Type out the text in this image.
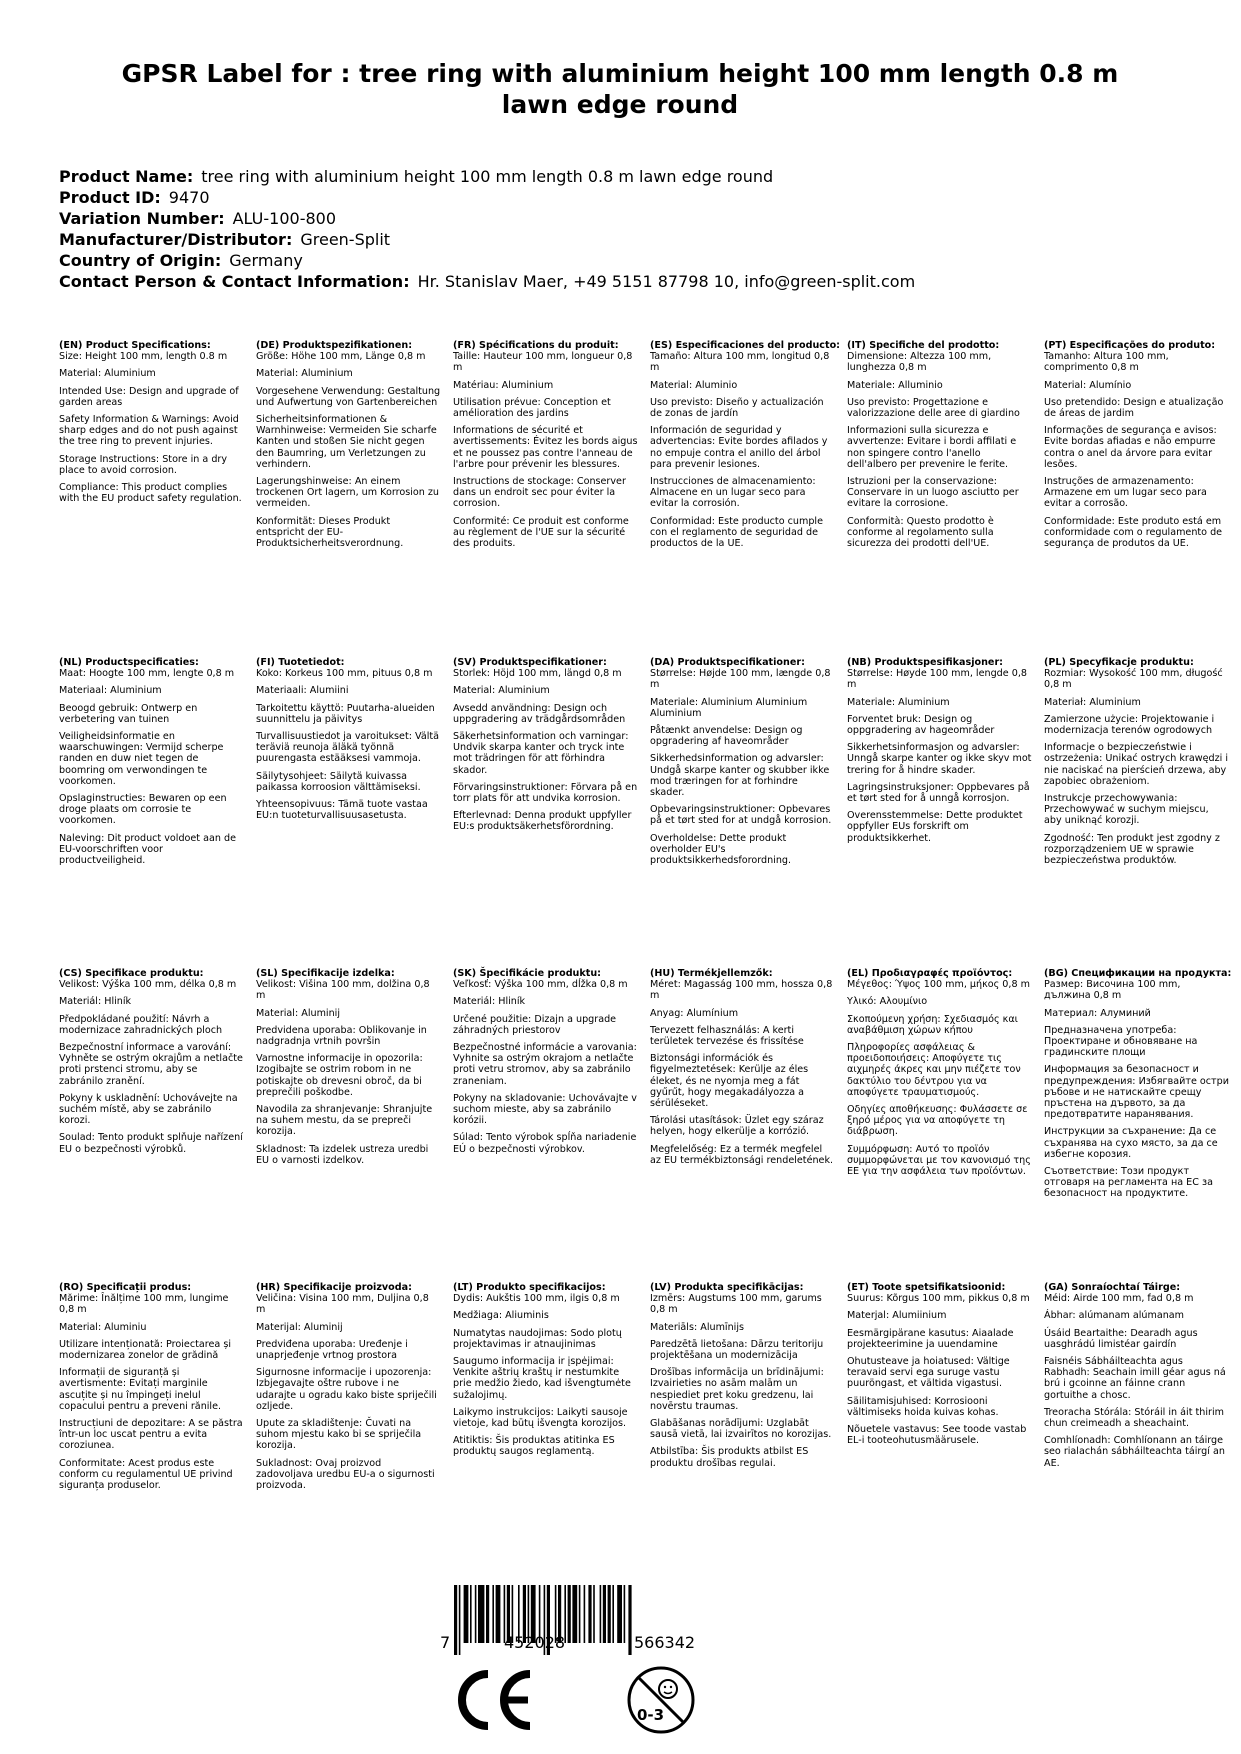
GPSR Label for : tree ring with aluminium height 100 mm length 0.8 m lawn edge round
Product Name: tree ring with aluminium height 100 mm length 0.8 m lawn edge round
Product ID: 9470
Variation Number: ALU-100-800
Manufacturer/Distributor: Green-Split
Country of Origin: Germany
Contact Person & Contact Information: Hr. Stanislav Maer, +49 5151 87798 10, info@green-split.com
(EN) Product Specifications:

Size: Height 100 mm, length 0.8 m

Material: Aluminium

Intended Use: Design and upgrade of garden areas

Safety Information & Warnings: Avoid sharp edges and do not push against the tree ring to prevent injuries.

Storage Instructions: Store in a dry place to avoid corrosion.

Compliance: This product complies with the EU product safety regulation.

(DE) Produktspezifikationen:

Größe: Höhe 100 mm, Länge 0,8 m

Material: Aluminium

Vorgesehene Verwendung: Gestaltung und Aufwertung von Gartenbereichen

Sicherheitsinformationen & Warnhinweise: Vermeiden Sie scharfe Kanten und stoßen Sie nicht gegen den Baumring, um Verletzungen zu verhindern.

Lagerungshinweise: An einem trockenen Ort lagern, um Korrosion zu vermeiden.

Konformität: Dieses Produkt entspricht der EU-Produktsicherheitsverordnung.

(FR) Spécifications du produit:

Taille: Hauteur 100 mm, longueur 0,8 m

Matériau: Aluminium

Utilisation prévue: Conception et amélioration des jardins

Informations de sécurité et avertissements: Évitez les bords aigus et ne poussez pas contre l'anneau de l'arbre pour prévenir les blessures.

Instructions de stockage: Conserver dans un endroit sec pour éviter la corrosion.

Conformité: Ce produit est conforme au règlement de l'UE sur la sécurité des produits.

(ES) Especificaciones del producto:

Tamaño: Altura 100 mm, longitud 0,8 m

Material: Aluminio

Uso previsto: Diseño y actualización de zonas de jardín

Información de seguridad y advertencias: Evite bordes afilados y no empuje contra el anillo del árbol para prevenir lesiones.

Instrucciones de almacenamiento: Almacene en un lugar seco para evitar la corrosión.

Conformidad: Este producto cumple con el reglamento de seguridad de productos de la UE.

(IT) Specifiche del prodotto:

Dimensione: Altezza 100 mm, lunghezza 0,8 m

Materiale: Alluminio

Uso previsto: Progettazione e valorizzazione delle aree di giardino

Informazioni sulla sicurezza e avvertenze: Evitare i bordi affilati e non spingere contro l'anello dell'albero per prevenire le ferite.

Istruzioni per la conservazione: Conservare in un luogo asciutto per evitare la corrosione.

Conformità: Questo prodotto è conforme al regolamento sulla sicurezza dei prodotti dell'UE.

(PT) Especificações do produto:

Tamanho: Altura 100 mm, comprimento 0,8 m

Material: Alumínio

Uso pretendido: Design e atualização de áreas de jardim

Informações de segurança e avisos: Evite bordas afiadas e não empurre contra o anel da árvore para evitar lesões.

Instruções de armazenamento: Armazene em um lugar seco para evitar a corrosão.

Conformidade: Este produto está em conformidade com o regulamento de segurança de produtos da UE.

(NL) Productspecificaties:

Maat: Hoogte 100 mm, lengte 0,8 m

Materiaal: Aluminium

Beoogd gebruik: Ontwerp en verbetering van tuinen

Veiligheidsinformatie en waarschuwingen: Vermijd scherpe randen en duw niet tegen de boomring om verwondingen te voorkomen.

Opslaginstructies: Bewaren op een droge plaats om corrosie te voorkomen.

Naleving: Dit product voldoet aan de EU-voorschriften voor productveiligheid.

(FI) Tuotetiedot:

Koko: Korkeus 100 mm, pituus 0,8 m

Materiaali: Alumiini

Tarkoitettu käyttö: Puutarha-alueiden suunnittelu ja päivitys

Turvallisuustiedot ja varoitukset: Vältä teräviä reunoja äläkä työnnä puurengasta estääksesi vammoja.

Säilytysohjeet: Säilytä kuivassa paikassa korroosion välttämiseksi.

Yhteensopivuus: Tämä tuote vastaa EU:n tuoteturvallisuusasetusta.

(SV) Produktspecifikationer:

Storlek: Höjd 100 mm, längd 0,8 m

Material: Aluminium

Avsedd användning: Design och uppgradering av trädgårdsområden

Säkerhetsinformation och varningar: Undvik skarpa kanter och tryck inte mot trädringen för att förhindra skador.

Förvaringsinstruktioner: Förvara på en torr plats för att undvika korrosion.

Efterlevnad: Denna produkt uppfyller EU:s produktsäkerhetsförordning.

(DA) Produktspecifikationer:

Størrelse: Højde 100 mm, længde 0,8 m

Materiale: Aluminium Aluminium Aluminium

Påtænkt anvendelse: Design og opgradering af haveområder

Sikkerhedsinformation og advarsler: Undgå skarpe kanter og skubber ikke mod træringen for at forhindre skader.

Opbevaringsinstruktioner: Opbevares på et tørt sted for at undgå korrosion.

Overholdelse: Dette produkt overholder EU's produktsikkerhedsforordning.

(NB) Produktspesifikasjoner:

Størrelse: Høyde 100 mm, lengde 0,8 m

Materiale: Aluminium

Forventet bruk: Design og oppgradering av hageområder

Sikkerhetsinformasjon og advarsler: Unngå skarpe kanter og ikke skyv mot trering for å hindre skader.

Lagringsinstruksjoner: Oppbevares på et tørt sted for å unngå korrosjon.

Overensstemmelse: Dette produktet oppfyller EUs forskrift om produktsikkerhet.

(PL) Specyfikacje produktu:

Rozmiar: Wysokość 100 mm, długość 0,8 m

Materiał: Aluminium

Zamierzone użycie: Projektowanie i modernizacja terenów ogrodowych

Informacje o bezpieczeństwie i ostrzeżenia: Unikać ostrych krawędzi i nie naciskać na pierścień drzewa, aby zapobiec obrażeniom.

Instrukcje przechowywania: Przechowywać w suchym miejscu, aby uniknąć korozji.

Zgodność: Ten produkt jest zgodny z rozporządzeniem UE w sprawie bezpieczeństwa produktów.

(CS) Specifikace produktu:

Velikost: Výška 100 mm, délka 0,8 m

Materiál: Hliník

Předpokládané použití: Návrh a modernizace zahradnických ploch

Bezpečnostní informace a varování: Vyhněte se ostrým okrajům a netlačte proti prstenci stromu, aby se zabránilo zranění.

Pokyny k uskladnění: Uchovávejte na suchém místě, aby se zabránilo korozi.

Soulad: Tento produkt splňuje nařízení EU o bezpečnosti výrobků.

(SL) Specifikacije izdelka:

Velikost: Višina 100 mm, dolžina 0,8 m

Material: Aluminij

Predvidena uporaba: Oblikovanje in nadgradnja vrtnih površin

Varnostne informacije in opozorila: Izogibajte se ostrim robom in ne potiskajte ob drevesni obroč, da bi preprečili poškodbe.

Navodila za shranjevanje: Shranjujte na suhem mestu, da se prepreči korozija.

Skladnost: Ta izdelek ustreza uredbi EU o varnosti izdelkov.

(SK) Špecifikácie produktu:

Veľkosť: Výška 100 mm, dĺžka 0,8 m

Materiál: Hliník

Určené použitie: Dizajn a upgrade záhradných priestorov

Bezpečnostné informácie a varovania: Vyhnite sa ostrým okrajom a netlačte proti vetru stromov, aby sa zabránilo zraneniam.

Pokyny na skladovanie: Uchovávajte v suchom mieste, aby sa zabránilo korózii.

Súlad: Tento výrobok spĺňa nariadenie EÚ o bezpečnosti výrobkov.

(HU) Termékjellemzők:

Méret: Magasság 100 mm, hossza 0,8 m

Anyag: Alumínium

Tervezett felhasználás: A kerti területek tervezése és frissítése

Biztonsági információk és figyelmeztetések: Kerülje az éles éleket, és ne nyomja meg a fát gyűrűt, hogy megakadályozza a sérüléseket.

Tárolási utasítások: Üzlet egy száraz helyen, hogy elkerülje a korrózió.

Megfelelőség: Ez a termék megfelel az EU termékbiztonsági rendeletének.

(EL) Προδιαγραφές προϊόντος:

Μέγεθος: Ύψος 100 mm, μήκος 0,8 m

Υλικό: Αλουμίνιο

Σκοπούμενη χρήση: Σχεδιασμός και αναβάθμιση χώρων κήπου

Πληροφορίες ασφάλειας & προειδοποιήσεις: Αποφύγετε τις αιχμηρές άκρες και μην πιέζετε τον δακτύλιο του δέντρου για να αποφύγετε τραυματισμούς.

Οδηγίες αποθήκευσης: Φυλάσσετε σε ξηρό μέρος για να αποφύγετε τη διάβρωση.

Συμμόρφωση: Αυτό το προϊόν συμμορφώνεται με τον κανονισμό της ΕΕ για την ασφάλεια των προϊόντων.

(BG) Спецификации на продукта:

Размер: Височина 100 mm, дължина 0,8 m

Материал: Алуминий

Предназначена употреба: Проектиране и обновяване на градинските площи

Информация за безопасност и предупреждения: Избягвайте остри ръбове и не натискайте срещу пръстена на дървото, за да предотвратите наранявания.

Инструкции за съхранение: Да се съхранява на сухо място, за да се избегне корозия.

Съответствие: Този продукт отговаря на регламента на ЕС за безопасност на продуктите.

(RO) Specificații produs:

Mărime: Înălțime 100 mm, lungime 0,8 m

Material: Aluminiu

Utilizare intenționată: Proiectarea și modernizarea zonelor de grădină

Informații de siguranță și avertismente: Evitați marginile ascuțite și nu împingeți inelul copacului pentru a preveni rănile.

Instrucțiuni de depozitare: A se păstra într-un loc uscat pentru a evita coroziunea.

Conformitate: Acest produs este conform cu regulamentul UE privind siguranța produselor.

(HR) Specifikacije proizvoda:

Veličina: Visina 100 mm, Duljina 0,8 m

Materijal: Aluminij

Predviđena uporaba: Uređenje i unaprjeđenje vrtnog prostora

Sigurnosne informacije i upozorenja: Izbjegavajte oštre rubove i ne udarajte u ogradu kako biste spriječili ozljede.

Upute za skladištenje: Čuvati na suhom mjestu kako bi se spriječila korozija.

Sukladnost: Ovaj proizvod zadovoljava uredbu EU-a o sigurnosti proizvoda.

(LT) Produkto specifikacijos:

Dydis: Aukštis 100 mm, ilgis 0,8 m

Medžiaga: Aliuminis

Numatytas naudojimas: Sodo plotų projektavimas ir atnaujinimas

Saugumo informacija ir įspėjimai: Venkite aštrių kraštų ir nestumkite prie medžio žiedo, kad išvengtumėte sužalojimų.

Laikymo instrukcijos: Laikyti sausoje vietoje, kad būtų išvengta korozijos.

Atitiktis: Šis produktas atitinka ES produktų saugos reglamentą.

(LV) Produkta specifikācijas:

Izmērs: Augstums 100 mm, garums 0,8 m

Materiāls: Alumīnijs

Paredzētā lietošana: Dārzu teritoriju projektēšana un modernizācija

Drošības informācija un brīdinājumi: Izvairieties no asām malām un nespiediet pret koku gredzenu, lai novērstu traumas.

Glabāšanas norādījumi: Uzglabāt sausā vietā, lai izvairītos no korozijas.

Atbilstība: Šis produkts atbilst ES produktu drošības regulai.

(ET) Toote spetsifikatsioonid:

Suurus: Kõrgus 100 mm, pikkus 0,8 m

Materjal: Alumiinium

Eesmärgipärane kasutus: Aiaalade projekteerimine ja uuendamine

Ohutusteave ja hoiatused: Vältige teravaid servi ega suruge vastu puuröngast, et vältida vigastusi.

Säilitamisjuhised: Korrosiooni vältimiseks hoida kuivas kohas.

Nõuetele vastavus: See toode vastab EL-i tooteohutusmäärusele.

(GA) Sonraíochtaí Táirge:

Méid: Airde 100 mm, fad 0,8 m

Ábhar: alúmanam alúmanam

Úsáid Beartaithe: Dearadh agus uasghrádú limistéar gairdín

Faisnéis Sábháilteachta agus Rabhadh: Seachain imill géar agus ná brú i gcoinne an fáinne crann gortuithe a chosc.

Treoracha Stórála: Stóráil in áit thirim chun creimeadh a sheachaint.

Comhlíonadh: Comhlíonann an táirge seo rialachán sábháilteachta táirgí an AE.

7	452028	566342
0-3
